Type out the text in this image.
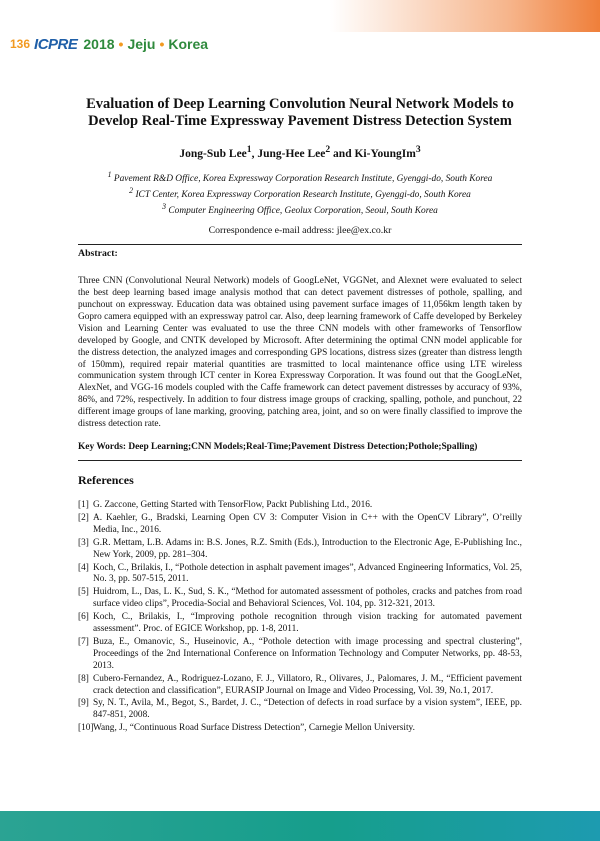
136 ICPRE 2018 • Jeju • Korea

Evaluation of Deep Learning Convolution Neural Network Models to
Develop Real-Time Expressway Pavement Distress Detection System

Jong-Sub Lee$^1$, Jung-Hee Lee$^2$ and Ki-YoungIm$^3$
$^1$ Pavement R&D Office, Korea Expressway Corporation Research Institute, Gyenggi-do, South Korea
$^2$ ICT Center, Korea Expressway Corporation Research Institute, Gyenggi-do, South Korea
$^3$ Computer Engineering Office, Geolux Corporation, Seoul, South Korea
Correspondence e-mail address: jlee@ex.co.kr
Abstract:
Three CNN (Convolutional Neural Network) models of GoogLeNet, VGGNet, and Alexnet were evaluated to select the best deep learning based image analysis mothod that can detect pavement distresses of pothole, spalling, and punchout on expressway. Education data was obtained using pavement surface images of 11,056km length taken by Gopro camera equipped with an expressway patrol car. Also, deep learning framework of Caffe developed by Berkeley Vision and Learning Center was evaluated to use the three CNN models with other frameworks of Tensorflow developed by Google, and CNTK developed by Microsoft. After determining the optimal CNN model applicable for the distress detection, the analyzed images and corresponding GPS locations, distress sizes (greater than distress length of 150mm), required repair material quantities are trasmitted to local maintenance office using LTE wireless communication system through ICT center in Korea Expressway Corporation. It was found out that the GoogLeNet, AlexNet, and VGG-16 models coupled with the Caffe framework can detect pavement distresses by accuracy of 93%, 86%, and 72%, respectively. In addition to four distress image groups of cracking, spalling, pothole, and punchout, 22 different image groups of lane marking, grooving, patching area, joint, and so on were finally classified to improve the distress detection rate.
Key Words: Deep Learning;CNN Models;Real-Time;Pavement Distress Detection;Pothole;Spalling)
References
[1] G. Zaccone, Getting Started with TensorFlow, Packt Publishing Ltd., 2016.
[2] A. Kaehler, G., Bradski, Learning Open CV 3: Computer Vision in C++ with the OpenCV Library”, O’reilly Media, Inc., 2016.
[3] G.R. Mettam, L.B. Adams in: B.S. Jones, R.Z. Smith (Eds.), Introduction to the Electronic Age, E-Publishing Inc., New York, 2009, pp. 281–304.
[4] Koch, C., Brilakis, I., “Pothole detection in asphalt pavement images”, Advanced Engineering Informatics, Vol. 25, No. 3, pp. 507-515, 2011.
[5] Huidrom, L., Das, L. K., Sud, S. K., “Method for automated assessment of potholes, cracks and patches from road surface video clips”, Procedia-Social and Behavioral Sciences, Vol. 104, pp. 312-321, 2013.
[6] Koch, C., Brilakis, I., “Improving pothole recognition through vision tracking for automated pavement assessment”. Proc. of EGICE Workshop, pp. 1-8, 2011.
[7] Buza, E., Omanovic, S., Huseinovic, A., “Pothole detection with image processing and spectral clustering”, Proceedings of the 2nd International Conference on Information Technology and Computer Networks, pp. 48-53, 2013.
[8] Cubero-Fernandez, A., Rodriguez-Lozano, F. J., Villatoro, R., Olivares, J., Palomares, J. M., “Efficient pavement crack detection and classification”, EURASIP Journal on Image and Video Processing, Vol. 39, No.1, 2017.
[9] Sy, N. T., Avila, M., Begot, S., Bardet, J. C., “Detection of defects in road surface by a vision system”, IEEE, pp. 847-851, 2008.
[10] Wang, J., “Continuous Road Surface Distress Detection”, Carnegie Mellon University.
